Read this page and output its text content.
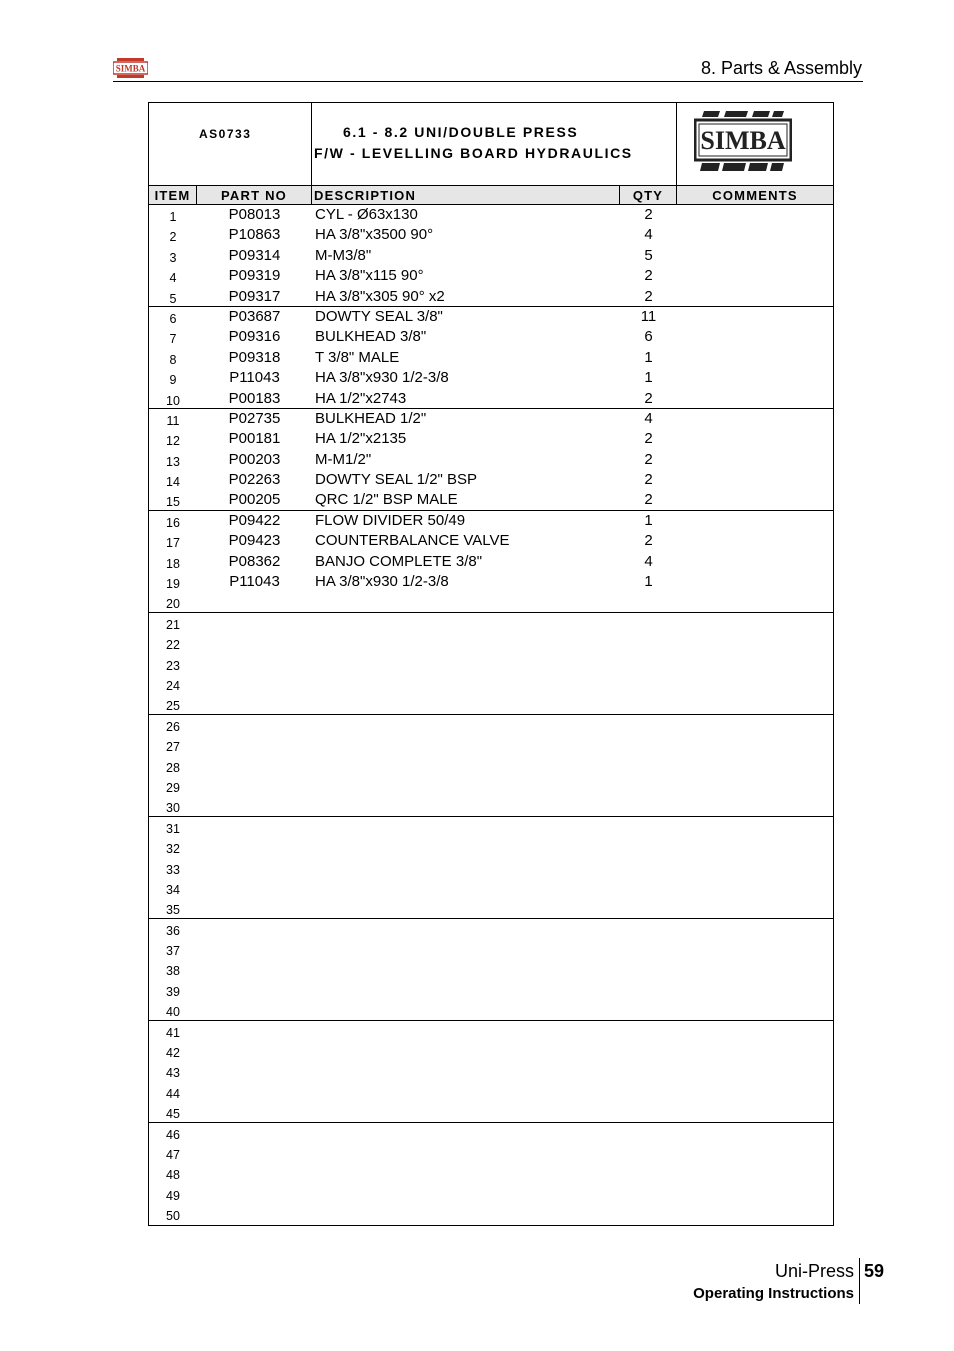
SIMBA	8. Parts & Assembly
AS0733	6.1 - 8.2 UNI/DOUBLE PRESS
F/W - LEVELLING BOARD HYDRAULICS	SIMBA
ITEM	PART NO	DESCRIPTION	QTY	COMMENTS
1	P08013	CYL - Ø63x130	2
2	P10863	HA 3/8"x3500 90°	4
3	P09314	M-M3/8"	5
4	P09319	HA 3/8"x115 90°	2
5	P09317	HA 3/8"x305 90° x2	2
6	P03687	DOWTY SEAL 3/8"	11
7	P09316	BULKHEAD 3/8"	6
8	P09318	T 3/8" MALE	1
9	P11043	HA 3/8"x930 1/2-3/8	1
10	P00183	HA 1/2"x2743	2
11	P02735	BULKHEAD 1/2"	4
12	P00181	HA 1/2"x2135	2
13	P00203	M-M1/2"	2
14	P02263	DOWTY SEAL 1/2" BSP	2
15	P00205	QRC 1/2" BSP MALE	2
16	P09422	FLOW DIVIDER 50/49	1
17	P09423	COUNTERBALANCE VALVE	2
18	P08362	BANJO COMPLETE 3/8"	4
19	P11043	HA 3/8"x930 1/2-3/8	1
20
21
22
23
24
25
26
27
28
29
30
31
32
33
34
35
36
37
38
39
40
41
42
43
44
45
46
47
48
49
50
Uni-Press 59
Operating Instructions
